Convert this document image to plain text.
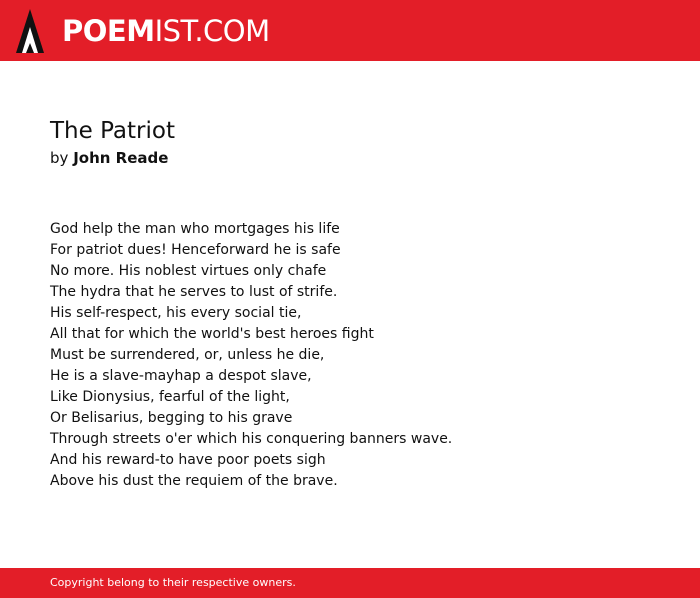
POEMIST.COM
The Patriot
by John Reade
God help the man who mortgages his life
For patriot dues! Henceforward he is safe
No more. His noblest virtues only chafe
The hydra that he serves to lust of strife.
His self-respect, his every social tie,
All that for which the world's best heroes fight
Must be surrendered, or, unless he die,
He is a slave-mayhap a despot slave,
Like Dionysius, fearful of the light,
Or Belisarius, begging to his grave
Through streets o'er which his conquering banners wave.
And his reward-to have poor poets sigh
Above his dust the requiem of the brave.
Copyright belong to their respective owners.
